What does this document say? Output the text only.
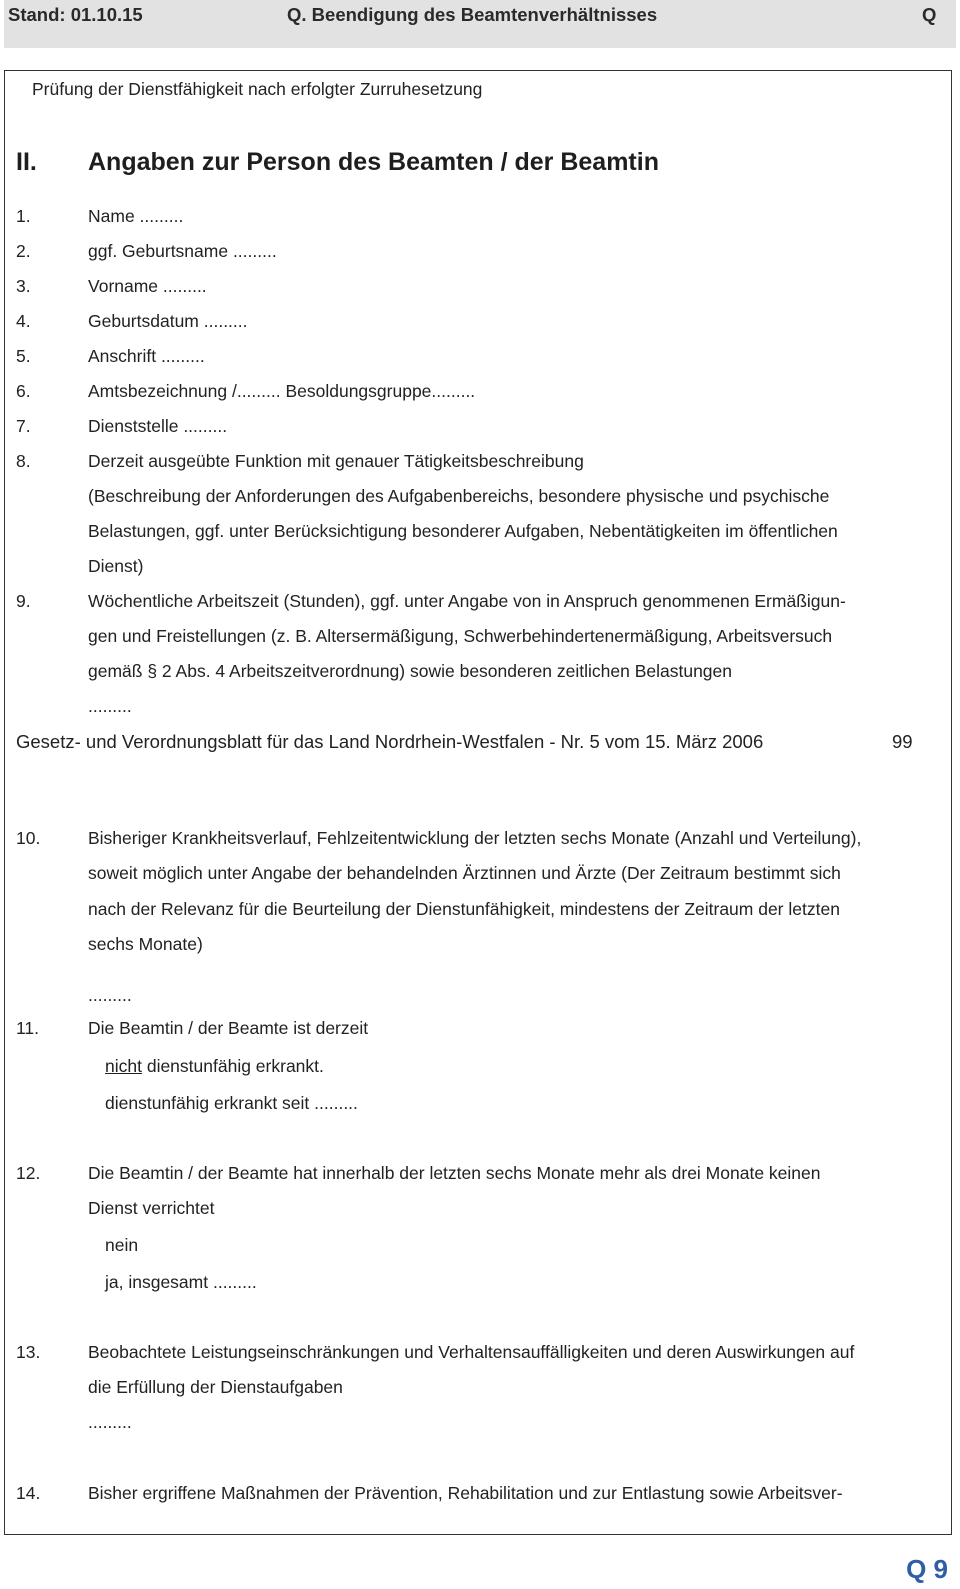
Stand: 01.10.15	Q. Beendigung des Beamtenverhältnisses	Q
Prüfung der Dienstfähigkeit nach erfolgter Zurruhesetzung
II. Angaben zur Person des Beamten / der Beamtin
1.	Name .........
2.	ggf. Geburtsname .........
3.	Vorname .........
4.	Geburtsdatum .........
5.	Anschrift .........
6.	Amtsbezeichnung /......... Besoldungsgruppe.........
7.	Dienststelle .........
8.	Derzeit ausgeübte Funktion mit genauer Tätigkeitsbeschreibung
(Beschreibung der Anforderungen des Aufgabenbereichs, besondere physische und psychische
Belastungen, ggf. unter Berücksichtigung besonderer Aufgaben, Nebentätigkeiten im öffentlichen
Dienst)
9.	Wöchentliche Arbeitszeit (Stunden), ggf. unter Angabe von in Anspruch genommenen Ermäßigun-
gen und Freistellungen (z. B. Altersermäßigung, Schwerbehindertenermäßigung, Arbeitsversuch
gemäß § 2 Abs. 4 Arbeitszeitverordnung) sowie besonderen zeitlichen Belastungen
.........
Gesetz- und Verordnungsblatt für das Land Nordrhein-Westfalen - Nr. 5 vom 15. März 2006	99
10.	Bisheriger Krankheitsverlauf, Fehlzeitentwicklung der letzten sechs Monate (Anzahl und Verteilung),
soweit möglich unter Angabe der behandelnden Ärztinnen und Ärzte (Der Zeitraum bestimmt sich
nach der Relevanz für die Beurteilung der Dienstunfähigkeit, mindestens der Zeitraum der letzten
sechs Monate)
.........
11.	Die Beamtin / der Beamte ist derzeit
nicht dienstunfähig erkrankt.
dienstunfähig erkrankt seit .........
12.	Die Beamtin / der Beamte hat innerhalb der letzten sechs Monate mehr als drei Monate keinen
Dienst verrichtet
nein
ja, insgesamt .........
13.	Beobachtete Leistungseinschränkungen und Verhaltensauffälligkeiten und deren Auswirkungen auf
die Erfüllung der Dienstaufgaben
.........
14.	Bisher ergriffene Maßnahmen der Prävention, Rehabilitation und zur Entlastung sowie Arbeitsver-
Q 9
